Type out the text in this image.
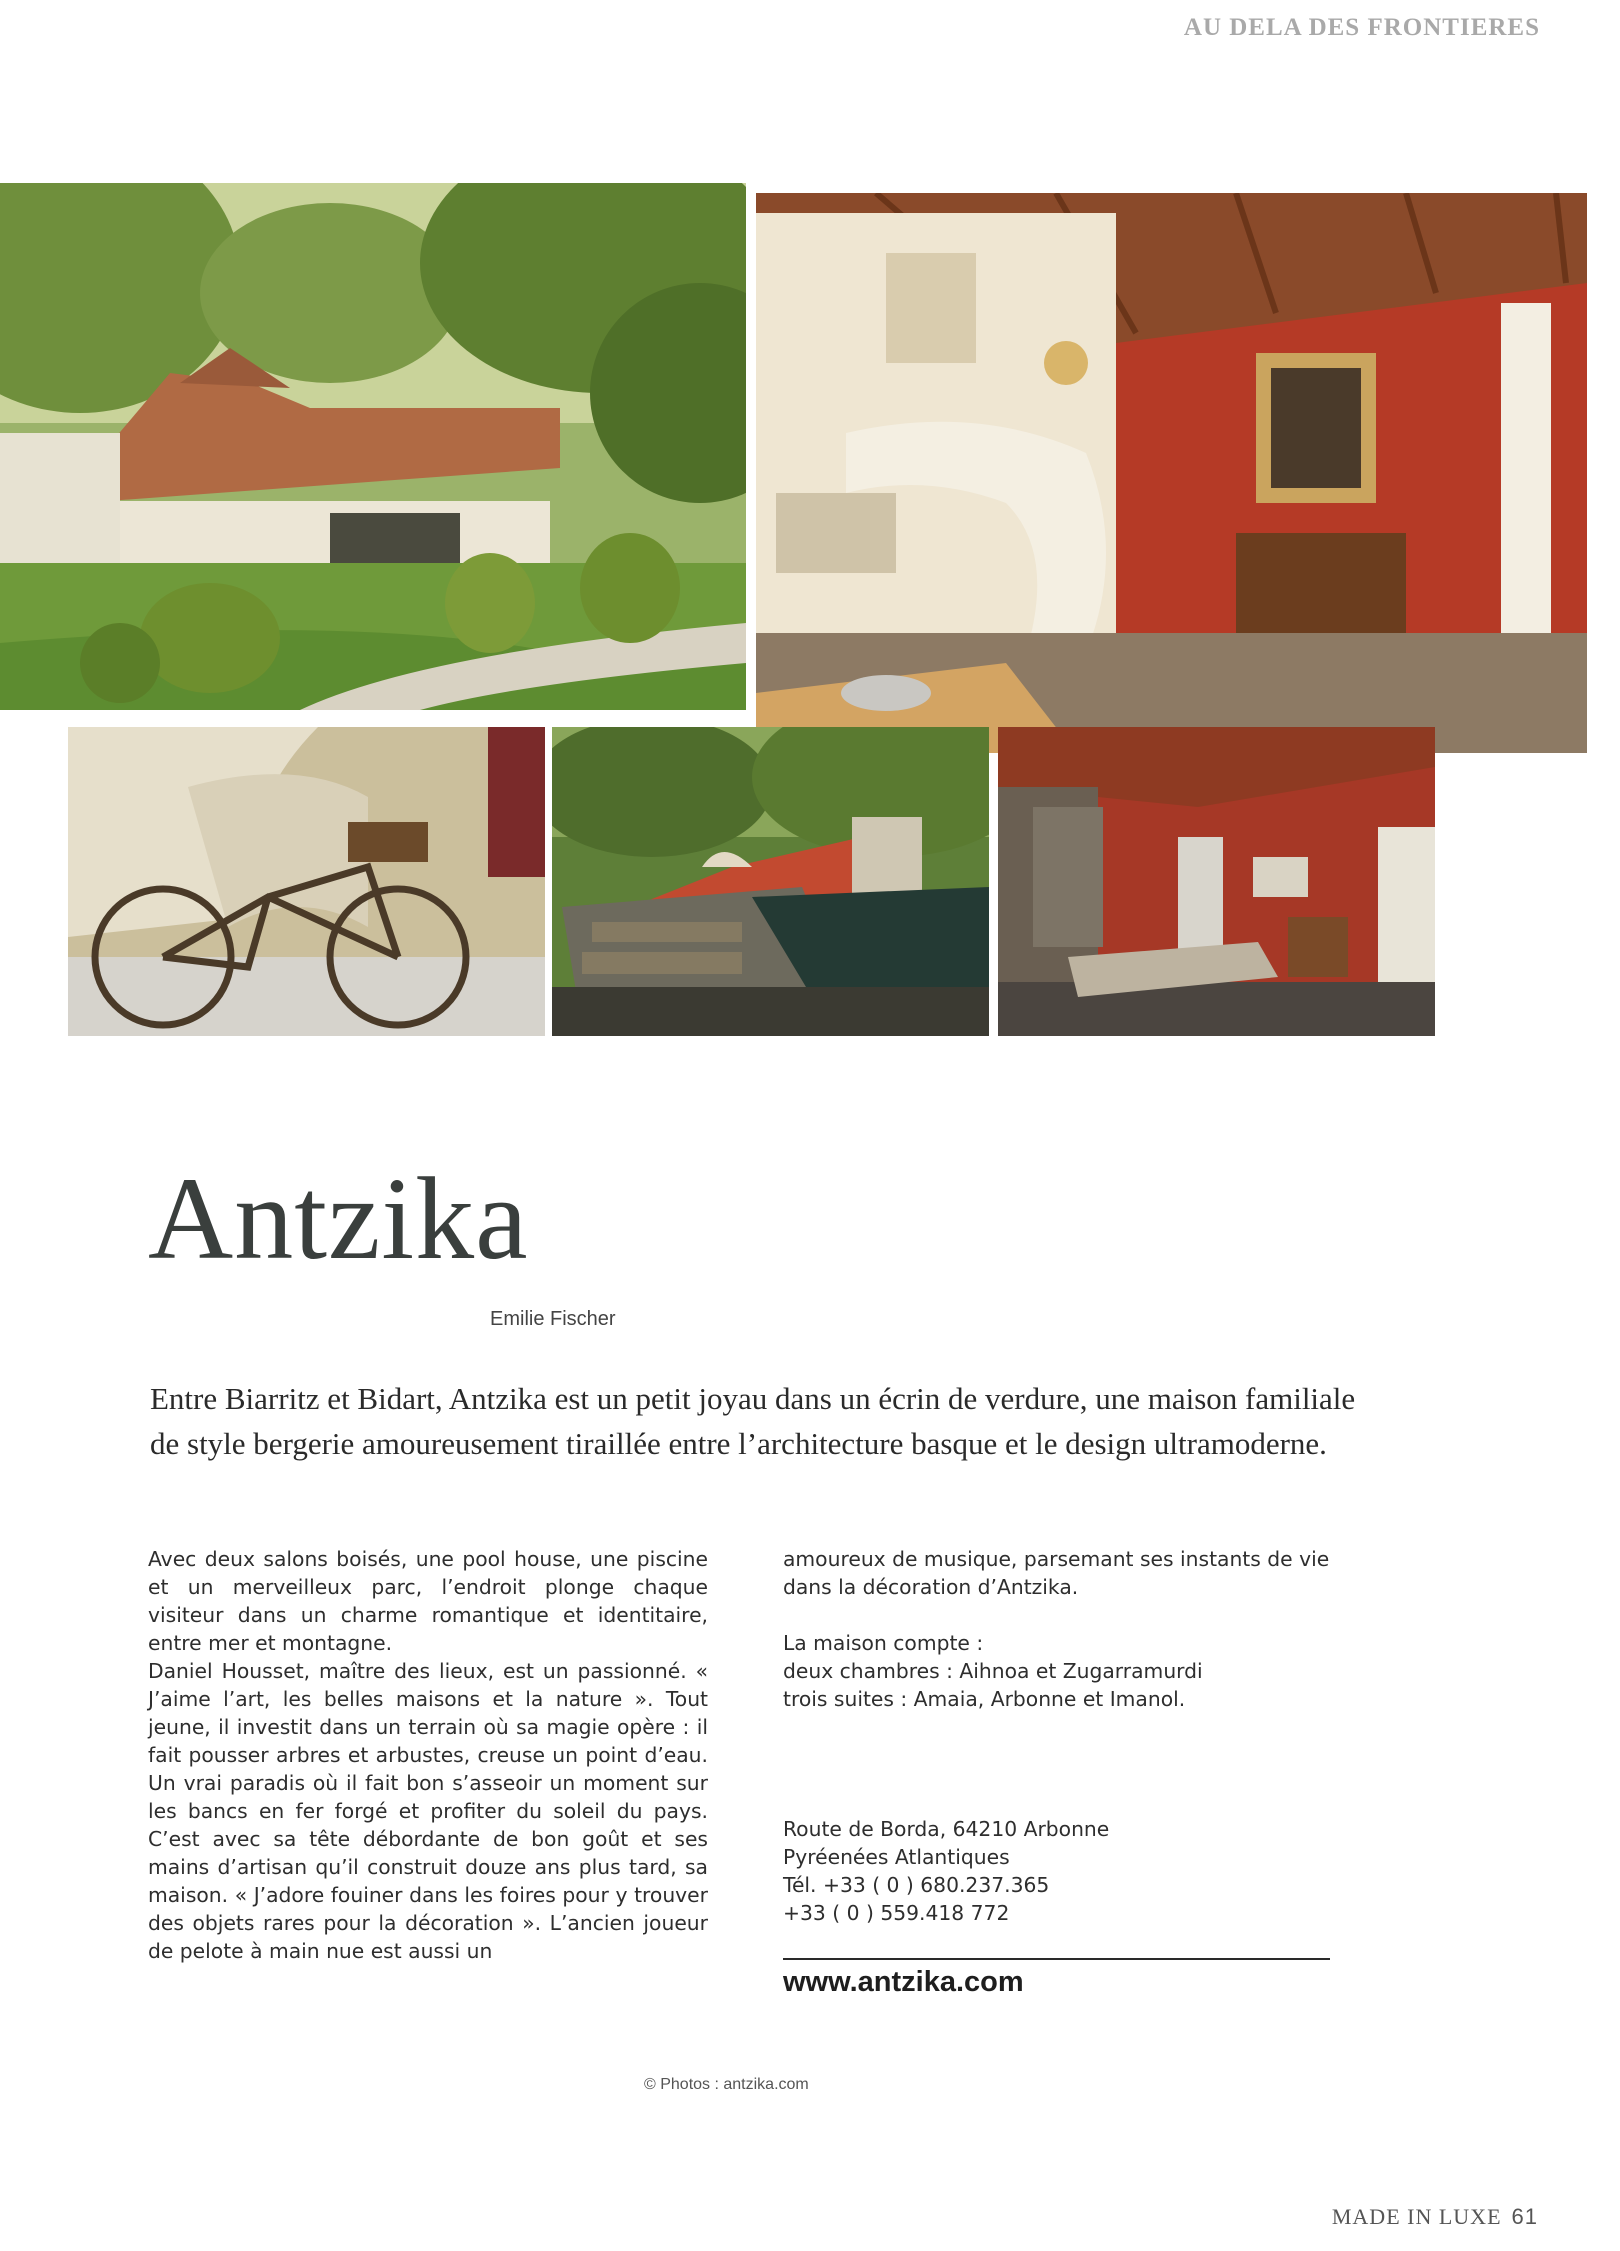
AU DELA DES FRONTIERES
Antzika
Emilie Fischer

Entre Biarritz et Bidart, Antzika est un petit joyau dans un écrin de verdure, une maison familiale de style bergerie amoureusement tiraillée entre l’architecture basque et le design ultramoderne.

Avec deux salons boisés, une pool house, une piscine et un merveilleux parc, l’endroit plonge chaque visiteur dans un charme romantique et identitaire, entre mer et montagne.

Daniel Housset, maître des lieux, est un passionné. « J’aime l’art, les belles maisons et la nature ». Tout jeune, il investit dans un terrain où sa magie opère : il fait pousser arbres et arbustes, creuse un point d’eau. Un vrai paradis où il fait bon s’asseoir un moment sur les bancs en fer forgé et profiter du soleil du pays. C’est avec sa tête débordante de bon goût et ses mains d’artisan qu’il construit douze ans plus tard, sa maison. « J’adore fouiner dans les foires pour y trouver des objets rares pour la décoration ». L’ancien joueur de pelote à main nue est aussi un

amoureux de musique, parsemant ses instants de vie dans la décoration d’Antzika.

La maison compte :
deux chambres : Aihnoa et Zugarramurdi
trois suites : Amaia, Arbonne et Imanol.

Route de Borda, 64210 Arbonne
Pyréenées Atlantiques
Tél. +33 ( 0 ) 680.237.365
+33 ( 0 ) 559.418 772
www.antzika.com
© Photos : antzika.com
MADE IN LUXE 61
